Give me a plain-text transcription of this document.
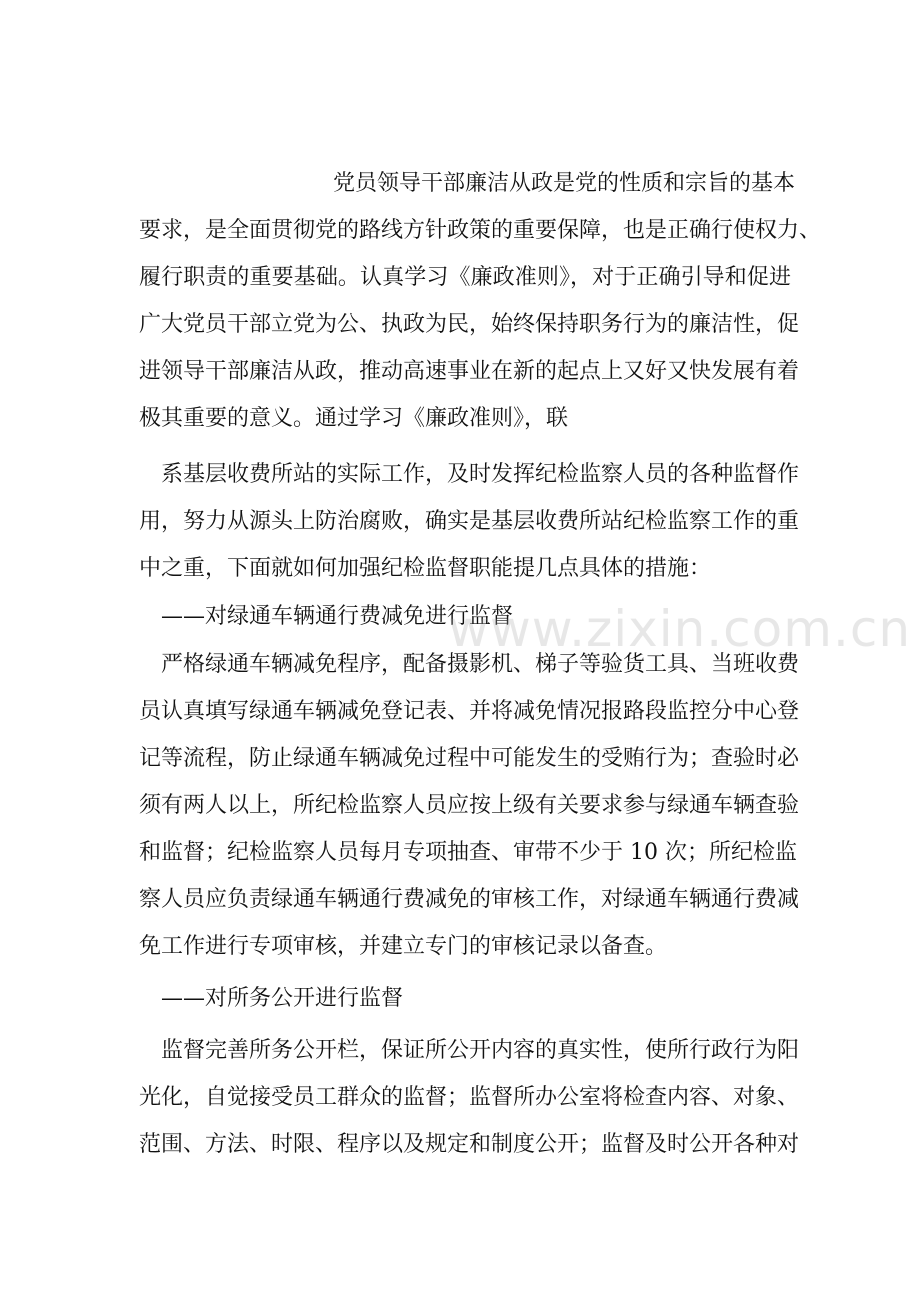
党员领导干部廉洁从政是党的性质和宗旨的基本
要求，是全面贯彻党的路线方针政策的重要保障，也是正确行使权力、
履行职责的重要基础。认真学习《廉政准则》，对于正确引导和促进
广大党员干部立党为公、执政为民，始终保持职务行为的廉洁性，促
进领导干部廉洁从政，推动高速事业在新的起点上又好又快发展有着
极其重要的意义。通过学习《廉政准则》，联
系基层收费所站的实际工作，及时发挥纪检监察人员的各种监督作
用，努力从源头上防治腐败，确实是基层收费所站纪检监察工作的重
中之重，下面就如何加强纪检监督职能提几点具体的措施：
——对绿通车辆通行费减免进行监督
严格绿通车辆减免程序，配备摄影机、梯子等验货工具、当班收费
员认真填写绿通车辆减免登记表、并将减免情况报路段监控分中心登
记等流程，防止绿通车辆减免过程中可能发生的受贿行为；查验时必
须有两人以上，所纪检监察人员应按上级有关要求参与绿通车辆查验
和监督；纪检监察人员每月专项抽查、审带不少于 10 次；所纪检监
察人员应负责绿通车辆通行费减免的审核工作，对绿通车辆通行费减
免工作进行专项审核，并建立专门的审核记录以备查。
——对所务公开进行监督
监督完善所务公开栏，保证所公开内容的真实性，使所行政行为阳
光化，自觉接受员工群众的监督；监督所办公室将检查内容、对象、
范围、方法、时限、程序以及规定和制度公开；监督及时公开各种对
www.zixin.com.cn
